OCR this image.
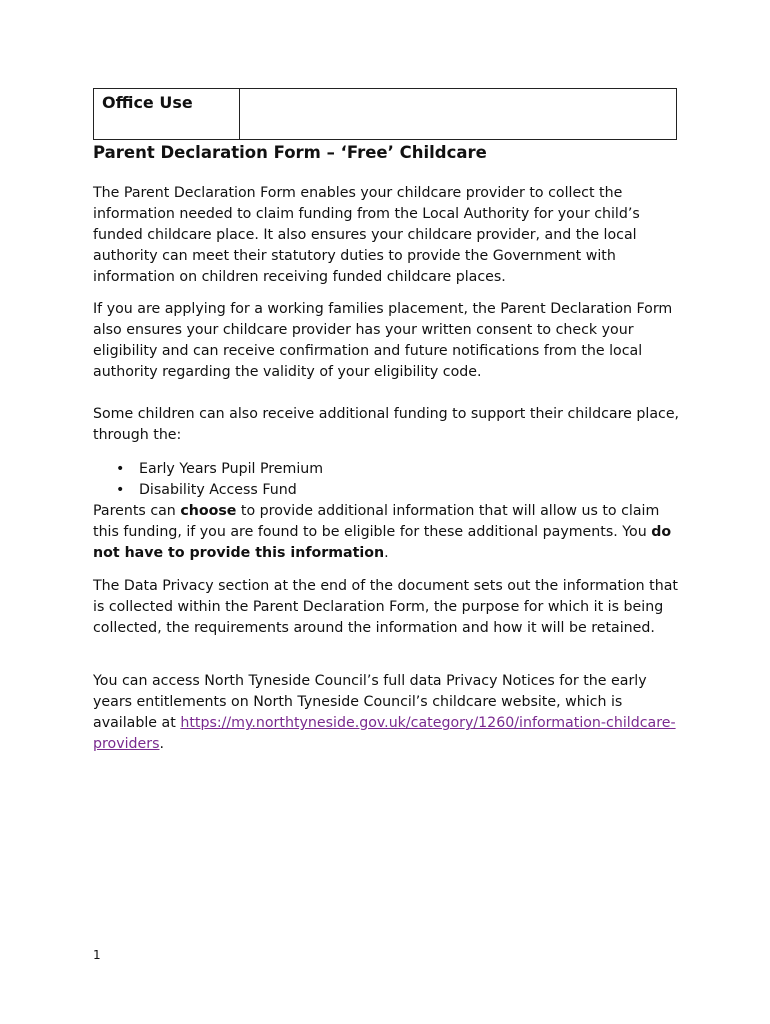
Office Use
Parent Declaration Form – ‘Free’ Childcare

The Parent Declaration Form enables your childcare provider to collect the information needed to claim funding from the Local Authority for your child’s funded childcare place. It also ensures your childcare provider, and the local authority can meet their statutory duties to provide the Government with information on children receiving funded childcare places.

If you are applying for a working families placement, the Parent Declaration Form also ensures your childcare provider has your written consent to check your eligibility and can receive confirmation and future notifications from the local authority regarding the validity of your eligibility code.

Some children can also receive additional funding to support their childcare place, through the:

• Early Years Pupil Premium
• Disability Access Fund

Parents can choose to provide additional information that will allow us to claim this funding, if you are found to be eligible for these additional payments. You do not have to provide this information.

The Data Privacy section at the end of the document sets out the information that is collected within the Parent Declaration Form, the purpose for which it is being collected, the requirements around the information and how it will be retained.

You can access North Tyneside Council’s full data Privacy Notices for the early years entitlements on North Tyneside Council’s childcare website, which is available at https://my.northtyneside.gov.uk/category/1260/information-childcare-providers.

1
